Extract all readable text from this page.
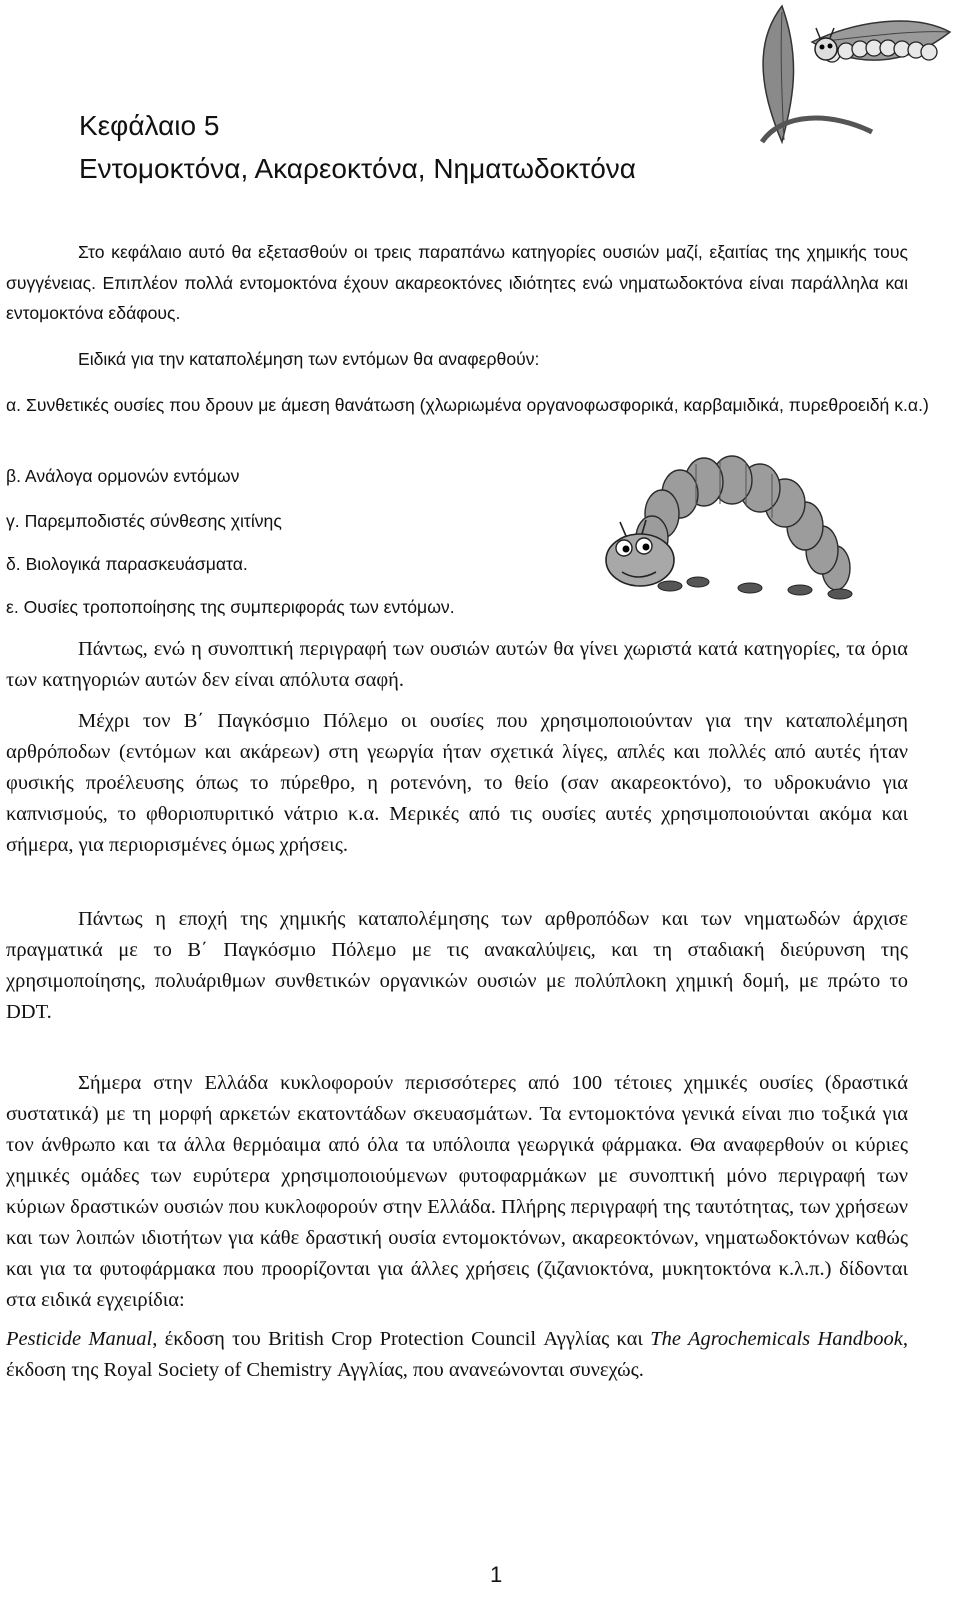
Κεφάλαιο 5
Εντομοκτόνα, Ακαρεοκτόνα, Νηματωδοκτόνα

Στο κεφάλαιο αυτό θα εξετασθούν οι τρεις παραπάνω κατηγορίες ουσιών μαζί, εξαιτίας της χημικής τους συγγένειας. Επιπλέον πολλά εντομοκτόνα έχουν ακαρεοκτόνες ιδιότητες ενώ νηματωδοκτόνα είναι παράλληλα και εντομοκτόνα εδάφους.

Ειδικά για την καταπολέμηση των εντόμων θα αναφερθούν:

α. Συνθετικές ουσίες που δρουν με άμεση θανάτωση (χλωριωμένα οργανοφωσφορικά, καρβαμιδικά, πυρεθροειδή κ.α.)

β. Ανάλογα ορμονών εντόμων

γ. Παρεμποδιστές σύνθεσης χιτίνης

δ. Βιολογικά παρασκευάσματα.

ε. Ουσίες τροποποίησης της συμπεριφοράς των εντόμων.

Πάντως, ενώ η συνοπτική περιγραφή των ουσιών αυτών θα γίνει χωριστά κατά κατηγορίες, τα όρια των κατηγοριών αυτών δεν είναι απόλυτα σαφή.

Μέχρι τον Β΄ Παγκόσμιο Πόλεμο οι ουσίες που χρησιμοποιούνταν για την καταπολέμηση αρθρόποδων (εντόμων και ακάρεων) στη γεωργία ήταν σχετικά λίγες, απλές και πολλές από αυτές ήταν φυσικής προέλευσης όπως το πύρεθρο, η ροτενόνη, το θείο (σαν ακαρεοκτόνο), το υδροκυάνιο για καπνισμούς, το φθοριοπυριτικό νάτριο κ.α. Μερικές από τις ουσίες αυτές χρησιμοποιούνται ακόμα και σήμερα, για περιορισμένες όμως χρήσεις.

Πάντως η εποχή της χημικής καταπολέμησης των αρθροπόδων και των νηματωδών άρχισε πραγματικά με το Β΄ Παγκόσμιο Πόλεμο με τις ανακαλύψεις, και τη σταδιακή διεύρυνση της χρησιμοποίησης, πολυάριθμων συνθετικών οργανικών ουσιών με πολύπλοκη χημική δομή, με πρώτο το DDT.

Σήμερα στην Ελλάδα κυκλοφορούν περισσότερες από 100 τέτοιες χημικές ουσίες (δραστικά συστατικά) με τη μορφή αρκετών εκατοντάδων σκευασμάτων. Τα εντομοκτόνα γενικά είναι πιο τοξικά για τον άνθρωπο και τα άλλα θερμόαιμα από όλα τα υπόλοιπα γεωργικά φάρμακα. Θα αναφερθούν οι κύριες χημικές ομάδες των ευρύτερα χρησιμοποιούμενων φυτοφαρμάκων με συνοπτική μόνο περιγραφή των κύριων δραστικών ουσιών που κυκλοφορούν στην Ελλάδα. Πλήρης περιγραφή της ταυτότητας, των χρήσεων και των λοιπών ιδιοτήτων για κάθε δραστική ουσία εντομοκτόνων, ακαρεοκτόνων, νηματωδοκτόνων καθώς και για τα φυτοφάρμακα που προορίζονται για άλλες χρήσεις (ζιζανιοκτόνα, μυκητοκτόνα κ.λ.π.) δίδονται στα ειδικά εγχειρίδια:

Pesticide Manual, έκδοση του British Crop Protection Council Αγγλίας και The Agrochemicals Handbook, έκδοση της Royal Society of Chemistry Αγγλίας, που ανανεώνονται συνεχώς.

1
